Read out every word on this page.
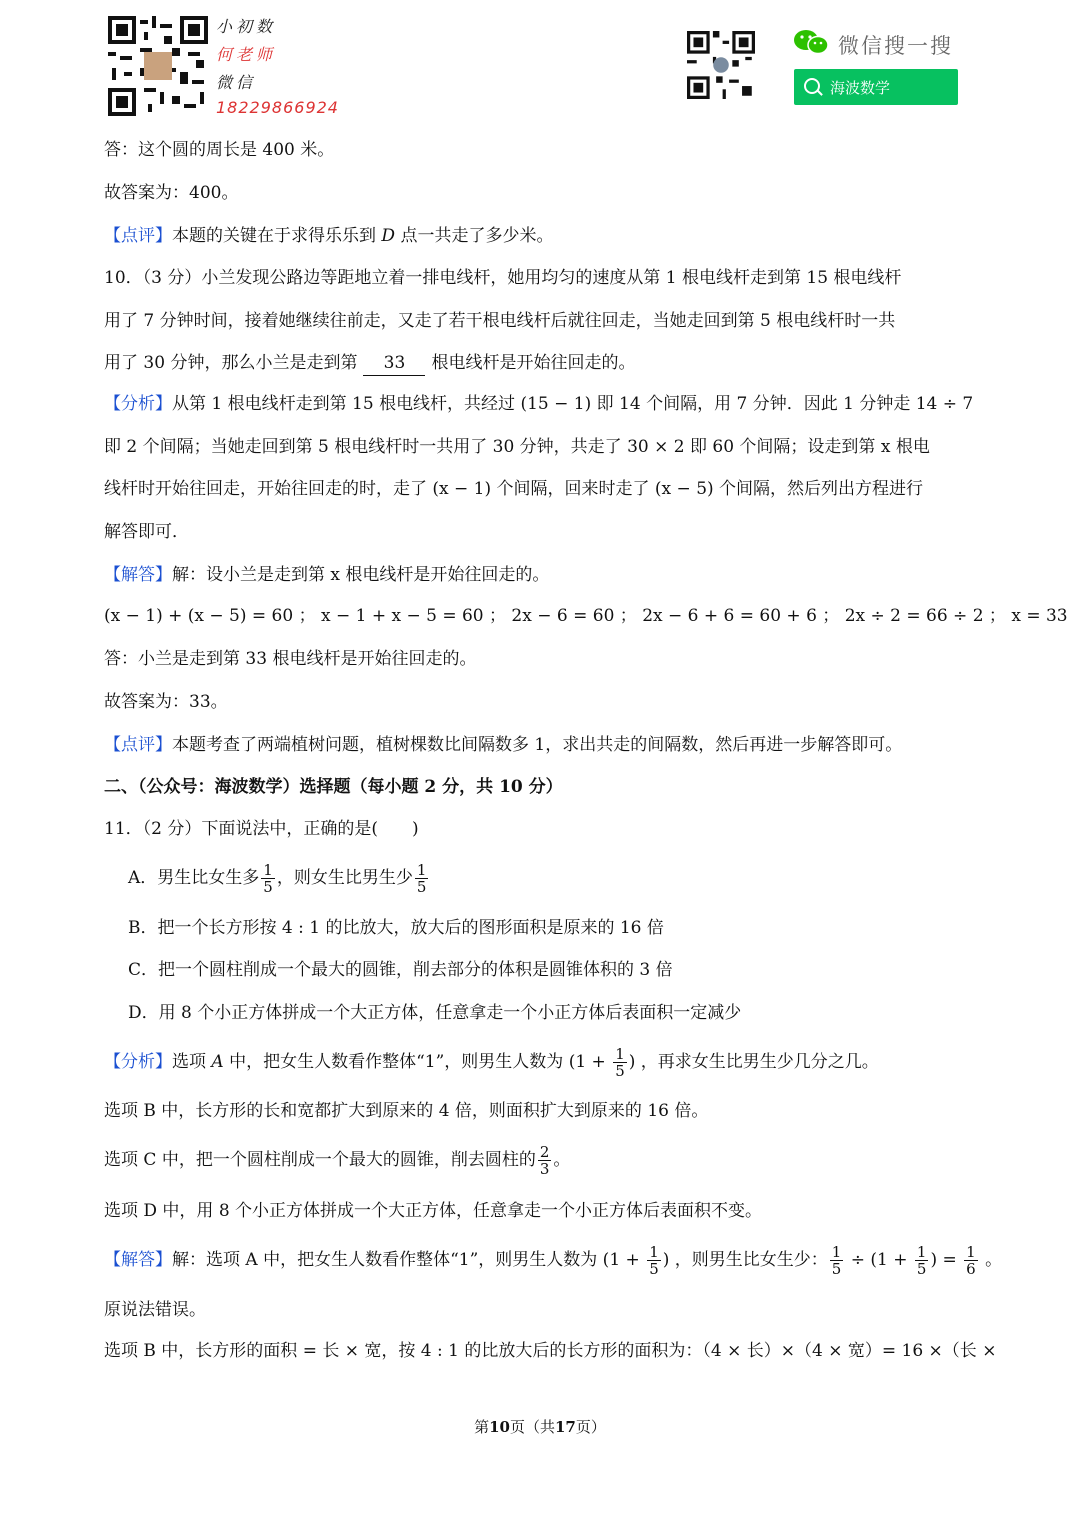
小初数
何老师
微信
18229866924
微信搜一搜
海波数学
答：这个圆的周长是 400 米。
故答案为：400。
【点评】本题的关键在于求得乐乐到 D 点一共走了多少米。
10．（3 分）小兰发现公路边等距地立着一排电线杆，她用均匀的速度从第 1 根电线杆走到第 15 根电线杆
用了 7 分钟时间，接着她继续往前走，又走了若干根电线杆后就往回走，当她走回到第 5 根电线杆时一共
用了 30 分钟，那么小兰是走到第 33 根电线杆是开始往回走的。
【分析】从第 1 根电线杆走到第 15 根电线杆，共经过 (15 − 1) 即 14 个间隔，用 7 分钟．因此 1 分钟走 14 ÷ 7
即 2 个间隔；当她走回到第 5 根电线杆时一共用了 30 分钟，共走了 30 × 2 即 60 个间隔；设走到第 x 根电
线杆时开始往回走，开始往回走的时，走了 (x − 1) 个间隔，回来时走了 (x − 5) 个间隔，然后列出方程进行
解答即可．
【解答】解：设小兰是走到第 x 根电线杆是开始往回走的。
(x − 1) + (x − 5) = 60 ； x − 1 + x − 5 = 60 ； 2x − 6 = 60 ； 2x − 6 + 6 = 60 + 6 ； 2x ÷ 2 = 66 ÷ 2 ； x = 33
答：小兰是走到第 33 根电线杆是开始往回走的。
故答案为：33。
【点评】本题考查了两端植树问题，植树棵数比间隔数多 1，求出共走的间隔数，然后再进一步解答即可。
二、（公众号：海波数学）选择题（每小题 2 分，共 10 分）
11．（2 分）下面说法中，正确的是(　　)
A．男生比女生多 $\frac{1}{5}$ ，则女生比男生少 $\frac{1}{5}$
B．把一个长方形按 4 : 1 的比放大，放大后的图形面积是原来的 16 倍
C．把一个圆柱削成一个最大的圆锥，削去部分的体积是圆锥体积的 3 倍
D．用 8 个小正方体拼成一个大正方体，任意拿走一个小正方体后表面积一定减少
【分析】选项 A 中，把女生人数看作整体“1”，则男生人数为 ($1 + \frac{1}{5}$ ) ，再求女生比男生少几分之几。
选项 B 中，长方形的长和宽都扩大到原来的 4 倍，则面积扩大到原来的 16 倍。
选项 C 中，把一个圆柱削成一个最大的圆锥，削去圆柱的 $\frac{2}{3}$ 。
选项 D 中，用 8 个小正方体拼成一个大正方体，任意拿走一个小正方体后表面积不变。
【解答】解：选项 A 中，把女生人数看作整体“1”，则男生人数为 ($1 + \frac{1}{5}$ ) ，则男生比女生少： $\frac{1}{5} \div (1 + \frac{1}{5}$ ) = $\frac{1}{6}$ 。
原说法错误。
选项 B 中，长方形的面积 = 长 × 宽，按 4 : 1 的比放大后的长方形的面积为：（4 × 长）×（4 × 宽）= 16 ×（长 ×
第10页（共17页）
